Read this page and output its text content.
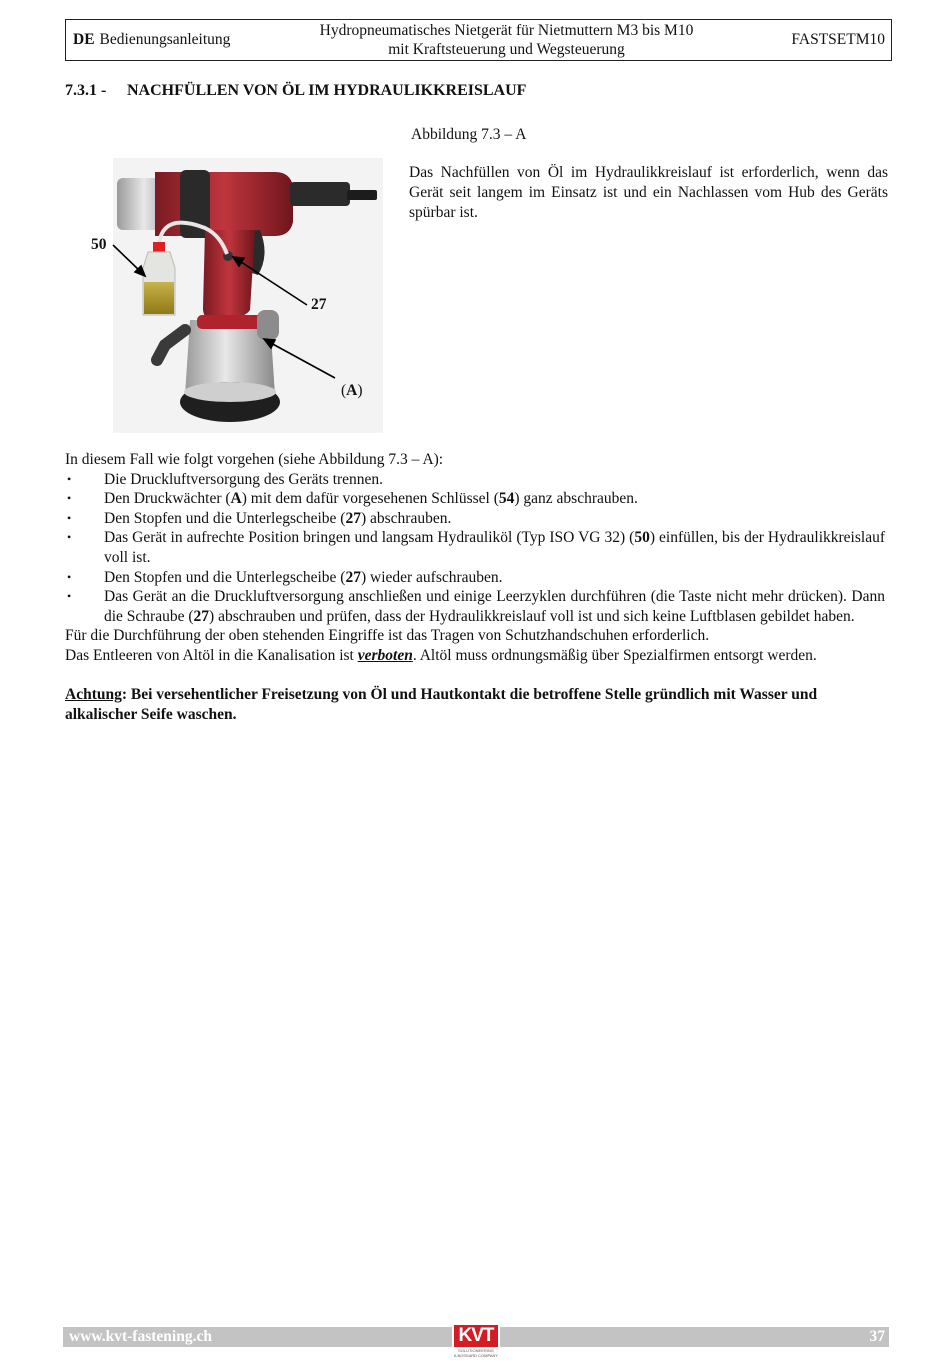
DE Bedienungsanleitung
Hydropneumatisches Nietgerät für Nietmuttern M3 bis M10
mit Kraftsteuerung und Wegsteuerung
FASTSETM10
7.3.1 - NACHFÜLLEN VON ÖL IM HYDRAULIKKREISLAUF
Abbildung 7.3 – A
Das Nachfüllen von Öl im Hydraulikkreislauf ist erforderlich, wenn das Gerät seit langem im Einsatz ist und ein Nachlassen vom Hub des Geräts spürbar ist.
50
27
(A)

In diesem Fall wie folgt vorgehen (siehe Abbildung 7.3 – A):

• Die Druckluftversorgung des Geräts trennen.
• Den Druckwächter (A) mit dem dafür vorgesehenen Schlüssel (54) ganz abschrauben.
• Den Stopfen und die Unterlegscheibe (27) abschrauben.
• Das Gerät in aufrechte Position bringen und langsam Hydrauliköl (Typ ISO VG 32) (50) einfüllen, bis der Hydraulikkreislauf voll ist.
• Den Stopfen und die Unterlegscheibe (27) wieder aufschrauben.
• Das Gerät an die Druckluftversorgung anschließen und einige Leerzyklen durchführen (die Taste nicht mehr drücken). Dann die Schraube (27) abschrauben und prüfen, dass der Hydraulikkreislauf voll ist und sich keine Luftblasen gebildet haben.

Für die Durchführung der oben stehenden Eingriffe ist das Tragen von Schutzhandschuhen erforderlich.

Das Entleeren von Altöl in die Kanalisation ist verboten. Altöl muss ordnungsmäßig über Spezialfirmen entsorgt werden.

Achtung: Bei versehentlicher Freisetzung von Öl und Hautkontakt die betroffene Stelle gründlich mit Wasser und alkalischer Seife waschen.

www.kvt-fastening.ch	37
KVT
SOLUTIONEERING
A BOSSARD COMPANY
